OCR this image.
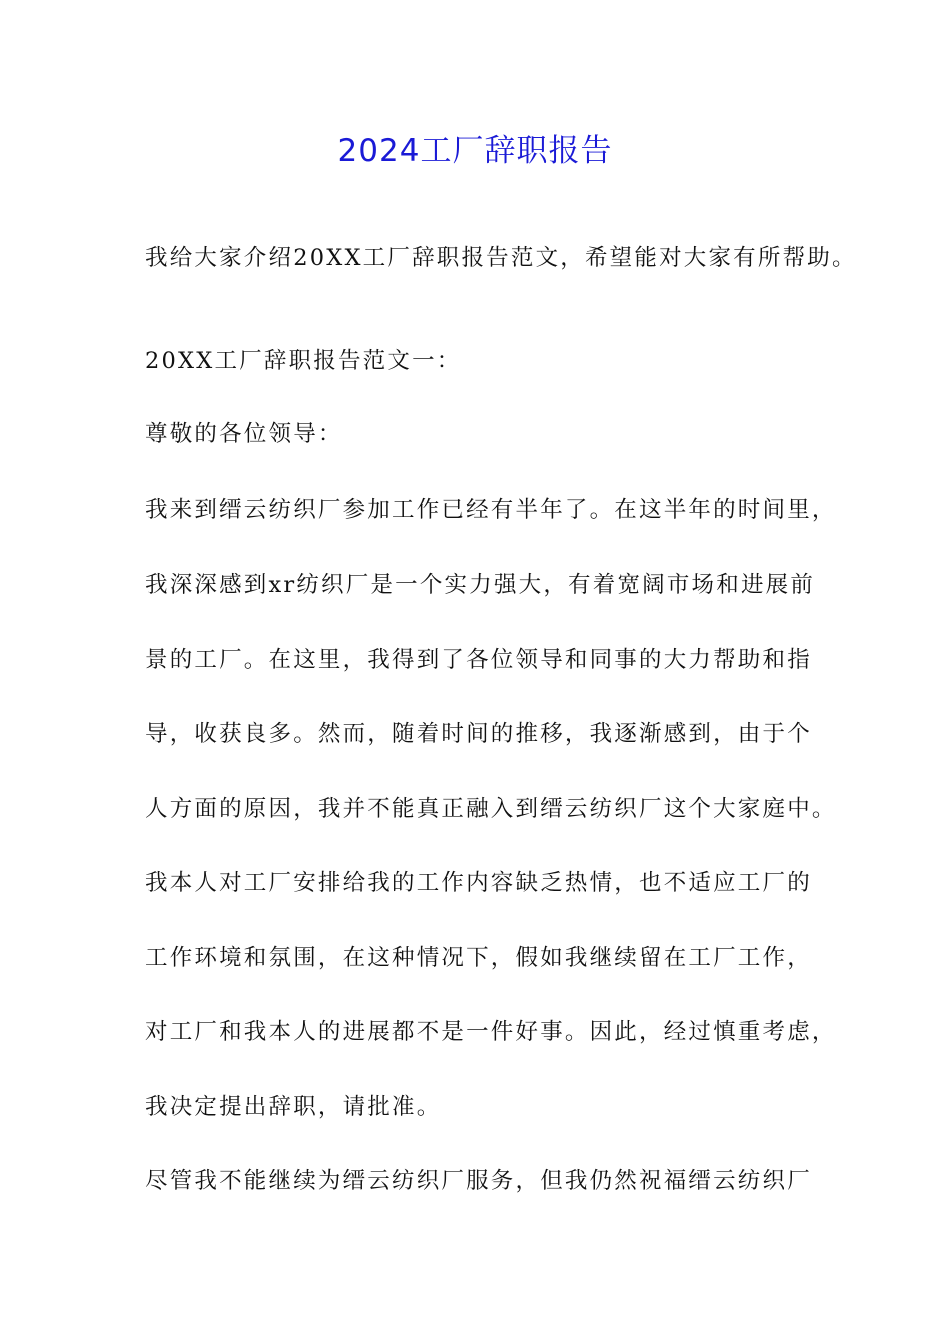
2024工厂辞职报告
我给大家介绍20XX工厂辞职报告范文，希望能对大家有所帮助。
20XX工厂辞职报告范文一：
尊敬的各位领导：
我来到缙云纺织厂参加工作已经有半年了。在这半年的时间里，
我深深感到xr纺织厂是一个实力强大，有着宽阔市场和进展前
景的工厂。在这里，我得到了各位领导和同事的大力帮助和指
导，收获良多。然而，随着时间的推移，我逐渐感到，由于个
人方面的原因，我并不能真正融入到缙云纺织厂这个大家庭中。
我本人对工厂安排给我的工作内容缺乏热情，也不适应工厂的
工作环境和氛围，在这种情况下，假如我继续留在工厂工作，
对工厂和我本人的进展都不是一件好事。因此，经过慎重考虑，
我决定提出辞职，请批准。
尽管我不能继续为缙云纺织厂服务，但我仍然祝福缙云纺织厂
